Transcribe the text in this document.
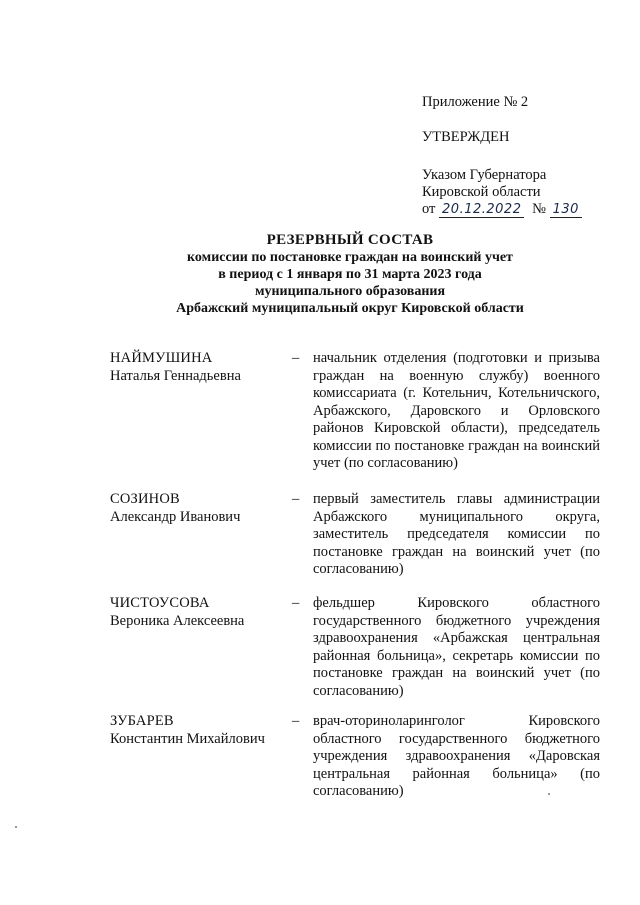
Приложение № 2
УТВЕРЖДЕН
Указом Губернатора
Кировской области
от 20.12.2022 № 130
РЕЗЕРВНЫЙ СОСТАВ
комиссии по постановке граждан на воинский учет
в период с 1 января по 31 марта 2023 года
муниципального образования
Арбажский муниципальный округ Кировской области
НАЙМУШИНА
Наталья Геннадьевна
– начальник отделения (подготовки и призыва граждан на военную службу) военного комиссариата (г. Котельнич, Котельничского, Арбажского, Даровского и Орловского районов Кировской области), председатель комиссии по постановке граждан на воинский учет (по согласованию)
СОЗИНОВ
Александр Иванович
– первый заместитель главы администрации Арбажского муниципального округа, заместитель председателя комиссии по постановке граждан на воинский учет (по согласованию)
ЧИСТОУСОВА
Вероника Алексеевна
– фельдшер Кировского областного государственного бюджетного учреждения здравоохранения «Арбажская центральная районная больница», секретарь комиссии по постановке граждан на воинский учет (по согласованию)
ЗУБАРЕВ
Константин Михайлович
– врач-оториноларинголог Кировского областного государственного бюджетного учреждения здравоохранения «Даровская центральная районная больница» (по согласованию)
